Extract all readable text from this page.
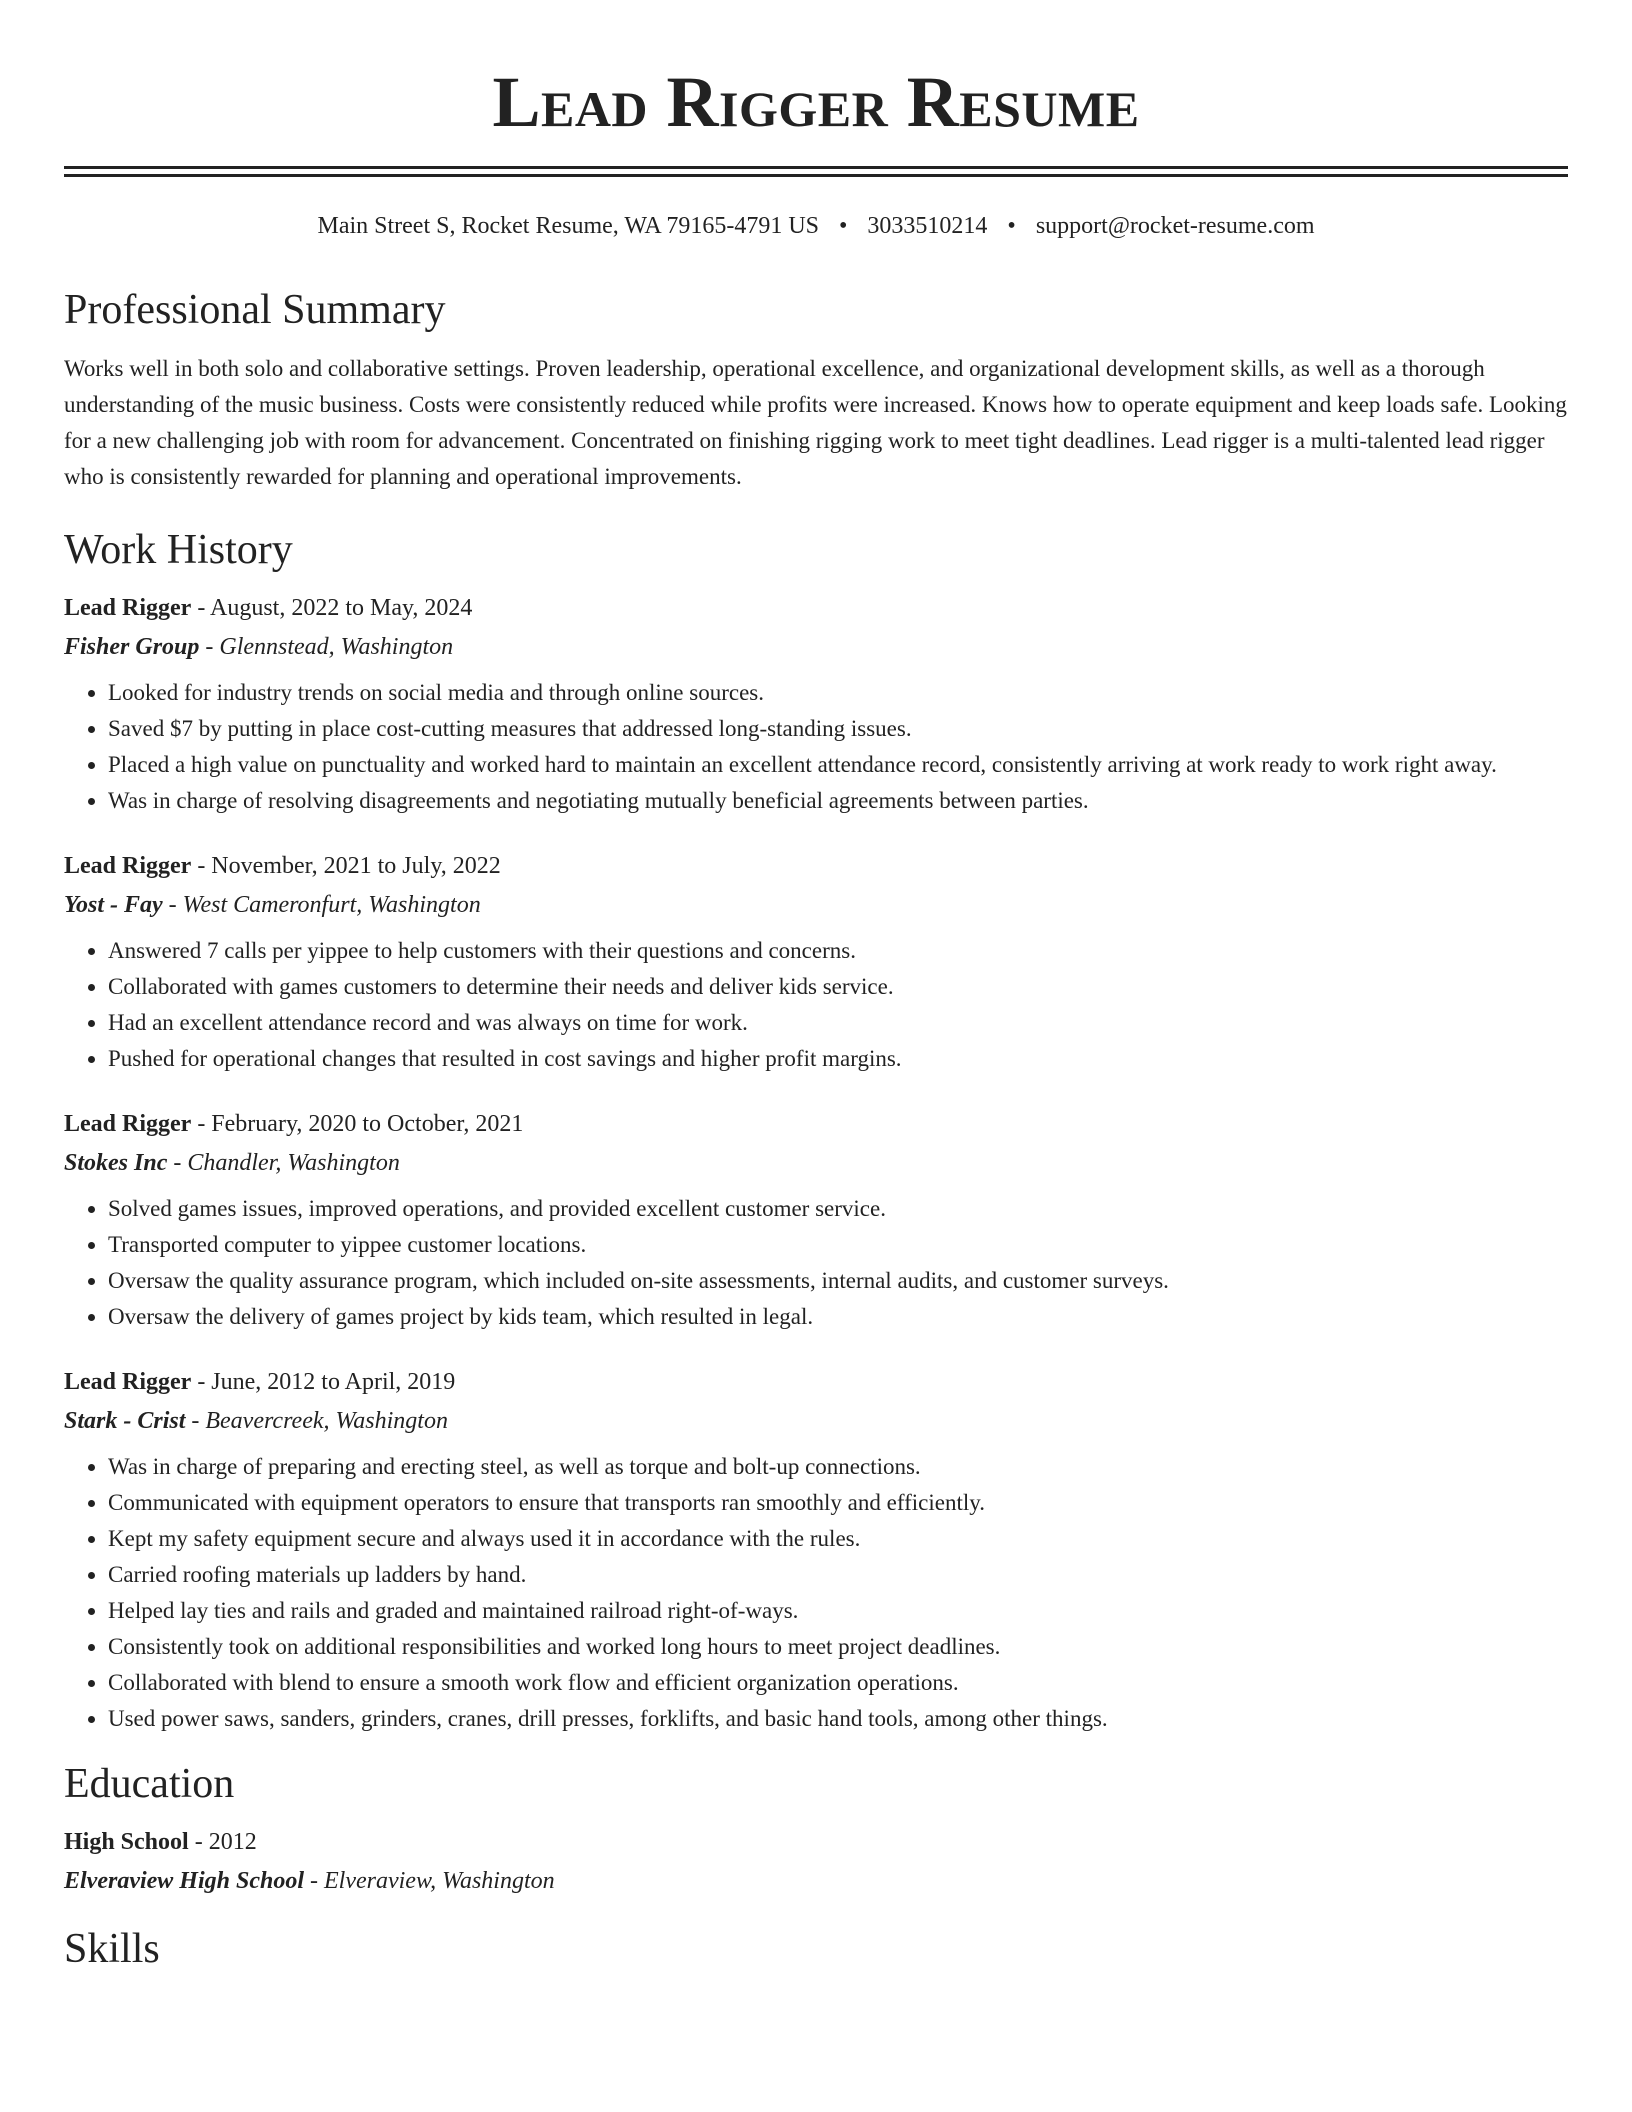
Lead Rigger Resume
Main Street S, Rocket Resume, WA 79165-4791 US • 3033510214 • support@rocket-resume.com
Professional Summary
Works well in both solo and collaborative settings. Proven leadership, operational excellence, and organizational development skills, as well as a thorough understanding of the music business. Costs were consistently reduced while profits were increased. Knows how to operate equipment and keep loads safe. Looking for a new challenging job with room for advancement. Concentrated on finishing rigging work to meet tight deadlines. Lead rigger is a multi-talented lead rigger who is consistently rewarded for planning and operational improvements.
Work History
Lead Rigger - August, 2022 to May, 2024
Fisher Group - Glennstead, Washington
• Looked for industry trends on social media and through online sources.
• Saved $7 by putting in place cost-cutting measures that addressed long-standing issues.
• Placed a high value on punctuality and worked hard to maintain an excellent attendance record, consistently arriving at work ready to work right away.
• Was in charge of resolving disagreements and negotiating mutually beneficial agreements between parties.
Lead Rigger - November, 2021 to July, 2022
Yost - Fay - West Cameronfurt, Washington
• Answered 7 calls per yippee to help customers with their questions and concerns.
• Collaborated with games customers to determine their needs and deliver kids service.
• Had an excellent attendance record and was always on time for work.
• Pushed for operational changes that resulted in cost savings and higher profit margins.
Lead Rigger - February, 2020 to October, 2021
Stokes Inc - Chandler, Washington
• Solved games issues, improved operations, and provided excellent customer service.
• Transported computer to yippee customer locations.
• Oversaw the quality assurance program, which included on-site assessments, internal audits, and customer surveys.
• Oversaw the delivery of games project by kids team, which resulted in legal.
Lead Rigger - June, 2012 to April, 2019
Stark - Crist - Beavercreek, Washington
• Was in charge of preparing and erecting steel, as well as torque and bolt-up connections.
• Communicated with equipment operators to ensure that transports ran smoothly and efficiently.
• Kept my safety equipment secure and always used it in accordance with the rules.
• Carried roofing materials up ladders by hand.
• Helped lay ties and rails and graded and maintained railroad right-of-ways.
• Consistently took on additional responsibilities and worked long hours to meet project deadlines.
• Collaborated with blend to ensure a smooth work flow and efficient organization operations.
• Used power saws, sanders, grinders, cranes, drill presses, forklifts, and basic hand tools, among other things.
Education
High School - 2012
Elveraview High School - Elveraview, Washington
Skills
